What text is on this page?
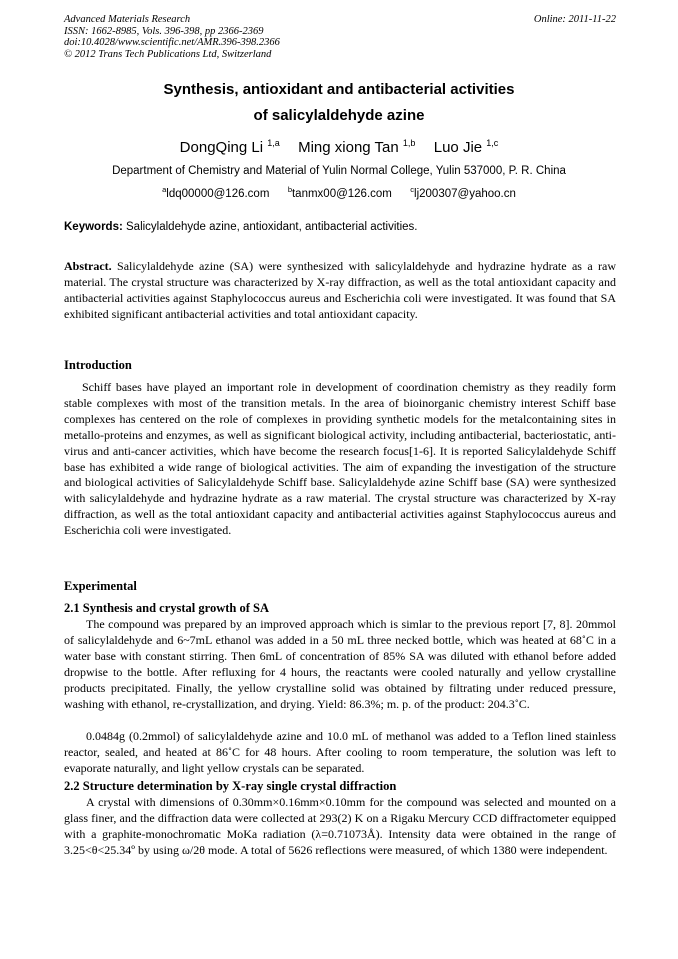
Advanced Materials Research
ISSN: 1662-8985, Vols. 396-398, pp 2366-2369
doi:10.4028/www.scientific.net/AMR.396-398.2366
© 2012 Trans Tech Publications Ltd, Switzerland
Online: 2011-11-22
Synthesis, antioxidant and antibacterial activities
of salicylaldehyde azine
DongQing Li $^{1,a}$ Ming xiong Tan $^{1,b}$ Luo Jie $^{1,c}$
Department of Chemistry and Material of Yulin Normal College, Yulin 537000, P. R. China
$^a$ldq00000@126.com $^b$tanmx00@126.com $^c$lj200307@yahoo.cn
Keywords: Salicylaldehyde azine, antioxidant, antibacterial activities.
Abstract. Salicylaldehyde azine (SA) were synthesized with salicylaldehyde and hydrazine hydrate as a raw material. The crystal structure was characterized by X-ray diffraction, as well as the total antioxidant capacity and antibacterial activities against Staphylococcus aureus and Escherichia coli were investigated. It was found that SA exhibited significant antibacterial activities and total antioxidant capacity.
Introduction
Schiff bases have played an important role in development of coordination chemistry as they readily form stable complexes with most of the transition metals. In the area of bioinorganic chemistry interest Schiff base complexes has centered on the role of complexes in providing synthetic models for the metalcontaining sites in metallo-proteins and enzymes, as well as significant biological activity, including antibacterial, bacteriostatic, anti-virus and anti-cancer activities, which have become the research focus[1-6]. It is reported Salicylaldehyde Schiff base has exhibited a wide range of biological activities. The aim of expanding the investigation of the structure and biological activities of Salicylaldehyde Schiff base. Salicylaldehyde azine Schiff base (SA) were synthesized with salicylaldehyde and hydrazine hydrate as a raw material. The crystal structure was characterized by X-ray diffraction, as well as the total antioxidant capacity and antibacterial activities against Staphylococcus aureus and Escherichia coli were investigated.
Experimental
2.1 Synthesis and crystal growth of SA
The compound was prepared by an improved approach which is simlar to the previous report [7, 8]. 20mmol of salicylaldehyde and 6~7mL ethanol was added in a 50 mL three necked bottle, which was heated at 68˚C in a water base with constant stirring. Then 6mL of concentration of 85% SA was diluted with ethanol before added dropwise to the bottle. After refluxing for 4 hours, the reactants were cooled naturally and yellow crystalline products precipitated. Finally, the yellow crystalline solid was obtained by filtrating under reduced pressure, washing with ethanol, re-crystallization, and drying. Yield: 86.3%; m. p. of the product: 204.3˚C.
0.0484g (0.2mmol) of salicylaldehyde azine and 10.0 mL of methanol was added to a Teflon lined stainless reactor, sealed, and heated at 86˚C for 48 hours. After cooling to room temperature, the solution was left to evaporate naturally, and light yellow crystals can be separated.
2.2 Structure determination by X-ray single crystal diffraction
A crystal with dimensions of 0.30mm×0.16mm×0.10mm for the compound was selected and mounted on a glass finer, and the diffraction data were collected at 293(2) K on a Rigaku Mercury CCD diffractometer equipped with a graphite-monochromatic MoKa radiation (λ=0.71073Å). Intensity data were obtained in the range of 3.25<θ<25.34º by using ω/2θ mode. A total of 5626 reflections were measured, of which 1380 were independent.
